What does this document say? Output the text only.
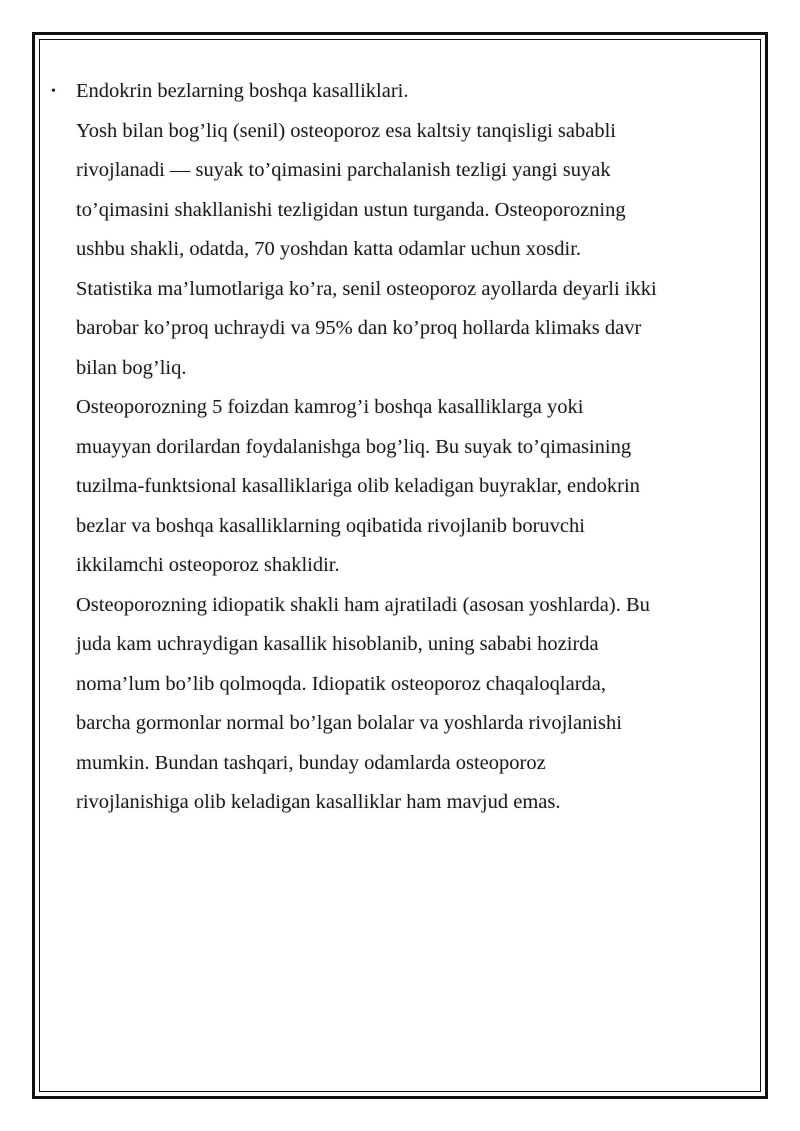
• Endokrin bezlarning boshqa kasalliklari.
Yosh bilan bog’liq (senil) osteoporoz esa kaltsiy tanqisligi sababli
rivojlanadi — suyak to’qimasini parchalanish tezligi yangi suyak
to’qimasini shakllanishi tezligidan ustun turganda. Osteoporozning
ushbu shakli, odatda, 70 yoshdan katta odamlar uchun xosdir.
Statistika ma’lumotlariga ko’ra, senil osteoporoz ayollarda deyarli ikki
barobar ko’proq uchraydi va 95% dan ko’proq hollarda klimaks davr
bilan bog’liq.
Osteoporozning 5 foizdan kamrog’i boshqa kasalliklarga yoki
muayyan dorilardan foydalanishga bog’liq. Bu suyak to’qimasining
tuzilma-funktsional kasalliklariga olib keladigan buyraklar, endokrin
bezlar va boshqa kasalliklarning oqibatida rivojlanib boruvchi
ikkilamchi osteoporoz shaklidir.
Osteoporozning idiopatik shakli ham ajratiladi (asosan yoshlarda). Bu
juda kam uchraydigan kasallik hisoblanib, uning sababi hozirda
noma’lum bo’lib qolmoqda. Idiopatik osteoporoz chaqaloqlarda,
barcha gormonlar normal bo’lgan bolalar va yoshlarda rivojlanishi
mumkin. Bundan tashqari, bunday odamlarda osteoporoz
rivojlanishiga olib keladigan kasalliklar ham mavjud emas.
